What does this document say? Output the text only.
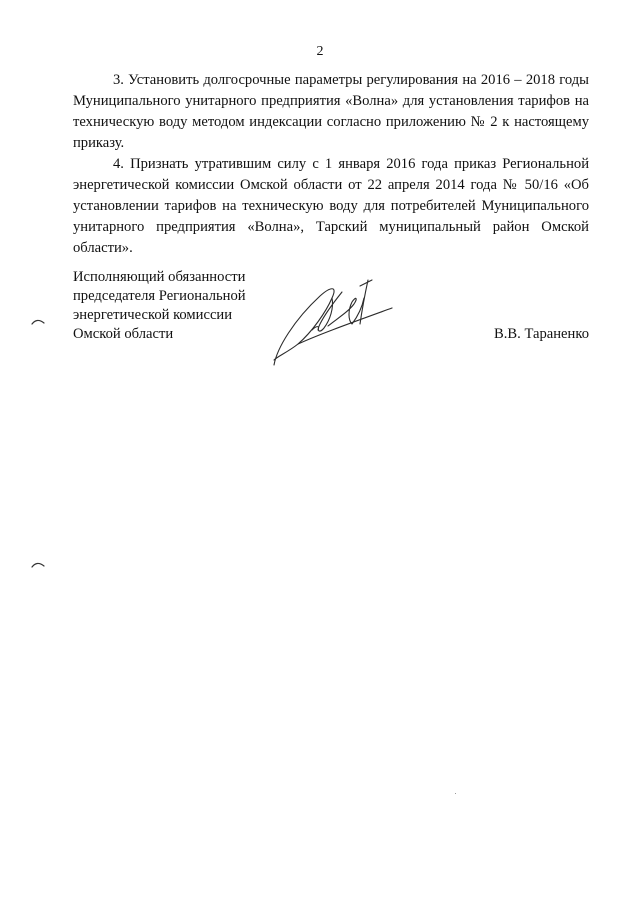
2

3. Установить долгосрочные параметры регулирования на 2016 – 2018 годы Муниципального унитарного предприятия «Волна» для установления тарифов на техническую воду методом индексации согласно приложению № 2 к настоящему приказу.

4. Признать утратившим силу с 1 января 2016 года приказ Региональной энергетической комиссии Омской области от 22 апреля 2014 года № 50/16 «Об установлении тарифов на техническую воду для потребителей Муниципального унитарного предприятия «Волна», Тарский муниципальный район Омской области».

Исполняющий обязанности
председателя Региональной
энергетической комиссии
Омской области	В.В. Тараненко
